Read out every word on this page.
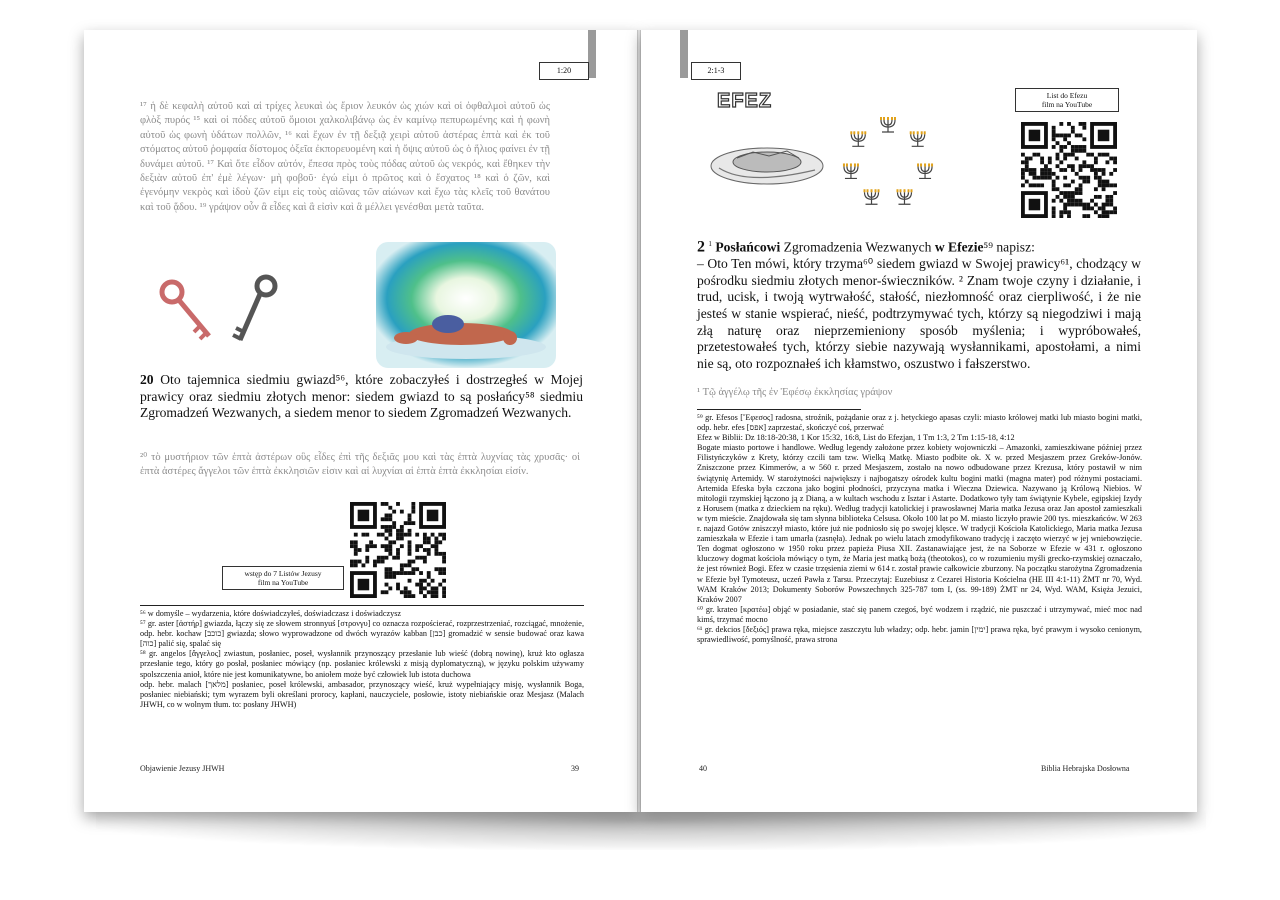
1:20
¹⁷ ἡ δὲ κεφαλὴ αὐτοῦ καὶ αἱ τρίχες λευκαὶ ὡς ἔριον λευκόν ὡς χιών καὶ οἱ ὀφθαλμοὶ αὐτοῦ ὡς φλὸξ πυρός ¹⁵ καὶ οἱ πόδες αὐτοῦ ὅμοιοι χαλκολιβάνῳ ὡς ἐν καμίνῳ πεπυρωμένης καὶ ἡ φωνὴ αὐτοῦ ὡς φωνὴ ὑδάτων πολλῶν, ¹⁶ καὶ ἔχων ἐν τῇ δεξιᾷ χειρὶ αὐτοῦ ἀστέρας ἑπτὰ καὶ ἐκ τοῦ στόματος αὐτοῦ ῥομφαία δίστομος ὀξεῖα ἐκπορευομένη καὶ ἡ ὄψις αὐτοῦ ὡς ὁ ἥλιος φαίνει ἐν τῇ δυνάμει αὐτοῦ. ¹⁷ Καὶ ὅτε εἶδον αὐτόν, ἔπεσα πρὸς τοὺς πόδας αὐτοῦ ὡς νεκρός, καὶ ἔθηκεν τὴν δεξιὰν αὐτοῦ ἐπ' ἐμὲ λέγων· μὴ φοβοῦ· ἐγώ εἰμι ὁ πρῶτος καὶ ὁ ἔσχατος ¹⁸ καὶ ὁ ζῶν, καὶ ἐγενόμην νεκρὸς καὶ ἰδοὺ ζῶν εἰμι εἰς τοὺς αἰῶνας τῶν αἰώνων καὶ ἔχω τὰς κλεῖς τοῦ θανάτου καὶ τοῦ ᾅδου. ¹⁹ γράψον οὖν ἃ εἶδες καὶ ἃ εἰσὶν καὶ ἃ μέλλει γενέσθαι μετὰ ταῦτα.
20 Oto tajemnica siedmiu gwiazd⁵⁶, które zobaczyłeś i dostrzegłeś w Mojej prawicy oraz siedmiu złotych menor: siedem gwiazd to są posłańcy⁵⁸ siedmiu Zgromadzeń Wezwanych, a siedem menor to siedem Zgromadzeń Wezwanych.
²⁰ τὸ μυστήριον τῶν ἑπτὰ ἀστέρων οὓς εἶδες ἐπὶ τῆς δεξιᾶς μου καὶ τὰς ἑπτὰ λυχνίας τὰς χρυσᾶς· οἱ ἑπτὰ ἀστέρες ἄγγελοι τῶν ἑπτὰ ἐκκλησιῶν εἰσιν καὶ αἱ λυχνίαι αἱ ἑπτὰ ἑπτὰ ἐκκλησίαι εἰσίν.
wstęp do 7 Listów Jezusy
film na YouTube

⁵⁶ w domyśle – wydarzenia, które doświadczyłeś, doświadczasz i doświadczysz

⁵⁷ gr. aster [ἀστήρ] gwiazda, łączy się ze słowem stronnyuś [στρονγυ] co oznacza rozpościerać, rozprzestrzeniać, rozciągać, mnożenie, odp. hebr. kochaw [כוכב] gwiazda; słowo wyprowadzone od dwóch wyrazów kabban [כבן] gromadzić w sensie budować oraz kawa [כוה] palić się, spalać się

⁵⁸ gr. angelos [ἄγγελος] zwiastun, posłaniec, poseł, wysłannik przynoszący przesłanie lub wieść (dobrą nowinę), kruż kto ogłasza przesłanie tego, który go posłał, posłaniec mówiący (np. posłaniec królewski z misją dyplomatyczną), w języku polskim używamy spolszczenia anioł, które nie jest komunikatywne, bo aniołem może być człowiek lub istota duchowa

odp. hebr. malach [מלאך] posłaniec, poseł królewski, ambasador, przynoszący wieść, kruż wypełniający misję, wysłannik Boga, posłaniec niebiański; tym wyrazem byli określani prorocy, kapłani, nauczyciele, posłowie, istoty niebiańskie oraz Mesjasz (Malach JHWH, co w wolnym tłum. to: posłany JHWH)

Objawienie Jezusy JHWH	39
2:1-3
EFEZ	List do Efezu
film na YouTube
2 $^1$ Posłańcowi Zgromadzenia Wezwanych w Efezie⁵⁹ napisz:
– Oto Ten mówi, który trzyma⁶⁰ siedem gwiazd w Swojej prawicy⁶¹, chodzący w pośrodku siedmiu złotych menor-świeczników. ² Znam twoje czyny i działanie, i trud, ucisk, i twoją wytrwałość, stałość, niezłomność oraz cierpliwość, i że nie jesteś w stanie wspierać, nieść, podtrzymywać tych, którzy są niegodziwi i mają złą naturę oraz nieprzemieniony sposób myślenia; i wypróbowałeś, przetestowałeś tych, którzy siebie nazywają wysłannikami, apostołami, a nimi nie są, oto rozpoznałeś ich kłamstwo, oszustwo i fałszerstwo.
¹ Τῷ ἀγγέλῳ τῆς ἐν Ἐφέσῳ ἐκκλησίας γράψον

⁵⁹ gr. Efesos [Ἔφεσος] radosna, stroźnik, pożądanie oraz z j. hetyckiego apasas czyli: miasto królowej matki lub miasto bogini matki, odp. hebr. efes [אפס] zaprzestać, skończyć coś, przerwać

Efez w Biblii: Dz 18:18-20:38, 1 Kor 15:32, 16:8, List do Efezjan, 1 Tm 1:3, 2 Tm 1:15-18, 4:12

Bogate miasto portowe i handlowe. Według legendy założone przez kobiety wojowniczki – Amazonki, zamieszkiwane później przez Filistyńczyków z Krety, którzy czcili tam tzw. Wielką Matkę. Miasto podbite ok. X w. przed Mesjaszem przez Greków-Jonów. Zniszczone przez Kimmerów, a w 560 r. przed Mesjaszem, zostało na nowo odbudowane przez Krezusa, który postawił w nim świątynię Artemidy. W starożytności największy i najbogatszy ośrodek kultu bogini matki (magna mater) pod różnymi postaciami. Artemida Efeska była czczona jako bogini płodności, przyczyna matka i Wieczna Dziewica. Nazywano ją Królową Niebios. W mitologii rzymskiej łączono ją z Dianą, a w kultach wschodu z Isztar i Astarte. Dodatkowo tyły tam świątynie Kybele, egipskiej Izydy z Horusem (matka z dzieckiem na ręku). Według tradycji katolickiej i prawosławnej Maria matka Jezusa oraz Jan apostoł zamieszkali w tym mieście. Znajdowała się tam słynna biblioteka Celsusa. Około 100 lat po M. miasto liczyło prawie 200 tys. mieszkańców. W 263 r. najazd Gotów zniszczył miasto, które już nie podniosło się po swojej klęsce. W tradycji Kościoła Katolickiego, Maria matka Jezusa zamieszkała w Efezie i tam umarła (zasnęła). Jednak po wielu latach zmodyfikowano tradycję i zaczęto wierzyć w jej wniebowzięcie. Ten dogmat ogłoszono w 1950 roku przez papieża Piusa XII. Zastanawiające jest, że na Soborze w Efezie w 431 r. ogłoszono kluczowy dogmat kościoła mówiący o tym, że Maria jest matką bożą (theotokos), co w rozumieniu myśli grecko-rzymskiej oznaczało, że jest również Bogi. Efez w czasie trzęsienia ziemi w 614 r. został prawie całkowicie zburzony. Na początku starożytna Zgromadzenia w Efezie był Tymoteusz, uczeń Pawła z Tarsu. Przeczytaj: Euzebiusz z Cezarei Historia Kościelna (HE III 4:1-11) ŻMT nr 70, Wyd. WAM Kraków 2013; Dokumenty Soborów Powszechnych 325-787 tom I, (ss. 99-189) ŻMT nr 24, Wyd. WAM, Księża Jezuici, Kraków 2007

⁶⁰ gr. krateo [κρατέω] objąć w posiadanie, stać się panem czegoś, być wodzem i rządzić, nie puszczać i utrzymywać, mieć moc nad kimś, trzymać mocno

⁶¹ gr. dekcios [δεξιός] prawa ręka, miejsce zaszczytu lub władzy; odp. hebr. jamin [ימין] prawa ręka, być prawym i wysoko cenionym, sprawiedliwość, pomyślność, prawa strona

40	Biblia Hebrajska Dosłowna
